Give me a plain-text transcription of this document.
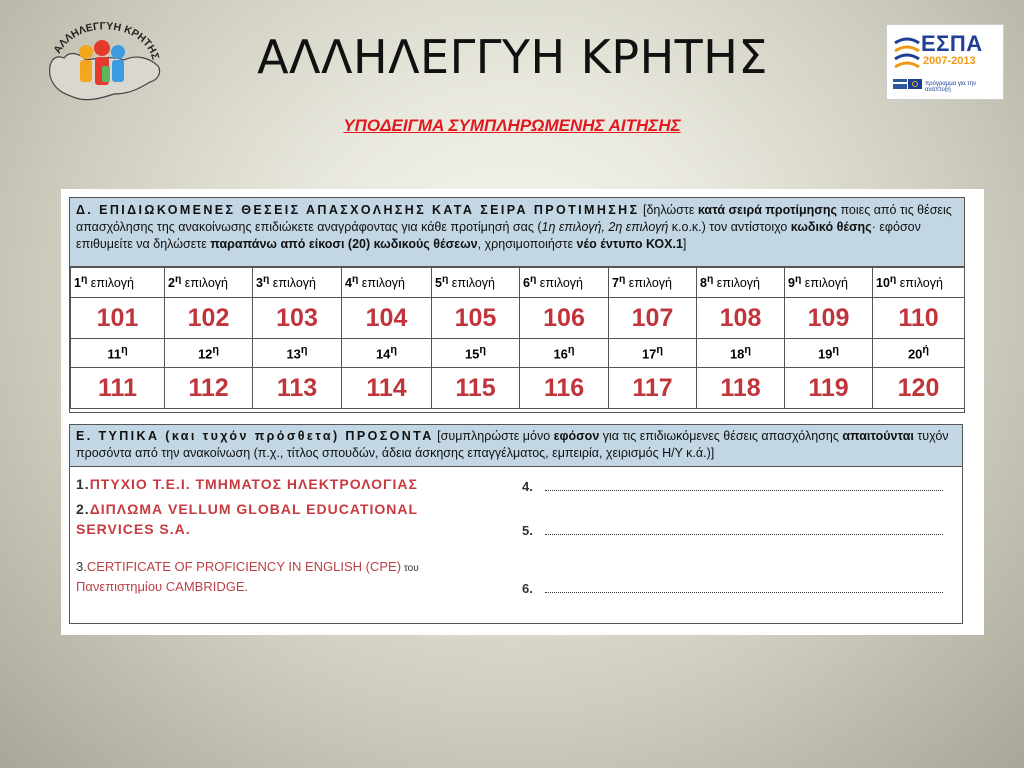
ΑΛΛΗΛΕΓΓΥΗ ΚΡΗΤΗΣ	ΑΛΛΗΛΕΓΓΥΗ ΚΡΗΤΗΣ
ΥΠΟΔΕΙΓΜΑ ΣΥΜΠΛΗΡΩΜΕΝΗΣ ΑΙΤΗΣΗΣ
ΕΣΠΑ
2007-2013
πρόγραμμα για την ανάπτυξη
Δ. ΕΠΙΔΙΩΚΟΜΕΝΕΣ ΘΕΣΕΙΣ ΑΠΑΣΧΟΛΗΣΗΣ ΚΑΤΑ ΣΕΙΡΑ ΠΡΟΤΙΜΗΣΗΣ [δηλώστε κατά σειρά προτίμησης ποιες από τις θέσεις απασχόλησης της ανακοίνωσης επιδιώκετε αναγράφοντας για κάθε προτίμησή σας (1η επιλογή, 2η επιλογή κ.ο.κ.) τον αντίστοιχο κωδικό θέσης· εφόσον επιθυμείτε να δηλώσετε παραπάνω από είκοσι (20) κωδικούς θέσεων, χρησιμοποιήστε νέο έντυπο ΚΟΧ.1]
$1^\eta$ επιλογή	$2^\eta$ επιλογή	$3^\eta$ επιλογή	$4^\eta$ επιλογή	$5^\eta$ επιλογή	$6^\eta$ επιλογή	$7^\eta$ επιλογή	$8^\eta$ επιλογή	$9^\eta$ επιλογή	$10^\eta$ επιλογή
101	102	103	104	105	106	107	108	109	110
$11^\eta$	$12^\eta$	$13^\eta$	$14^\eta$	$15^\eta$	$16^\eta$	$17^\eta$	$18^\eta$	$19^\eta$	$20^ή$
111	112	113	114	115	116	117	118	119	120
Ε. ΤΥΠΙΚΑ (και τυχόν πρόσθετα) ΠΡΟΣΟΝΤΑ [συμπληρώστε μόνο εφόσον για τις επιδιωκόμενες θέσεις απασχόλησης απαιτούνται τυχόν προσόντα από την ανακοίνωση (π.χ., τίτλος σπουδών, άδεια άσκησης επαγγέλματος, εμπειρία, χειρισμός Η/Υ κ.ά.)]
1.ΠΤΥΧΙΟ Τ.Ε.Ι. ΤΜΗΜΑΤΟΣ ΗΛΕΚΤΡΟΛΟΓΙΑΣ
2.ΔΙΠΛΩΜΑ VELLUM GLOBAL EDUCATIONAL
SERVICES S.A.
3.CERTIFICATE OF PROFICIENCY IN ENGLISH (CPE) του
Πανεπιστημίου CAMBRIDGE.
4.
5.
6.
